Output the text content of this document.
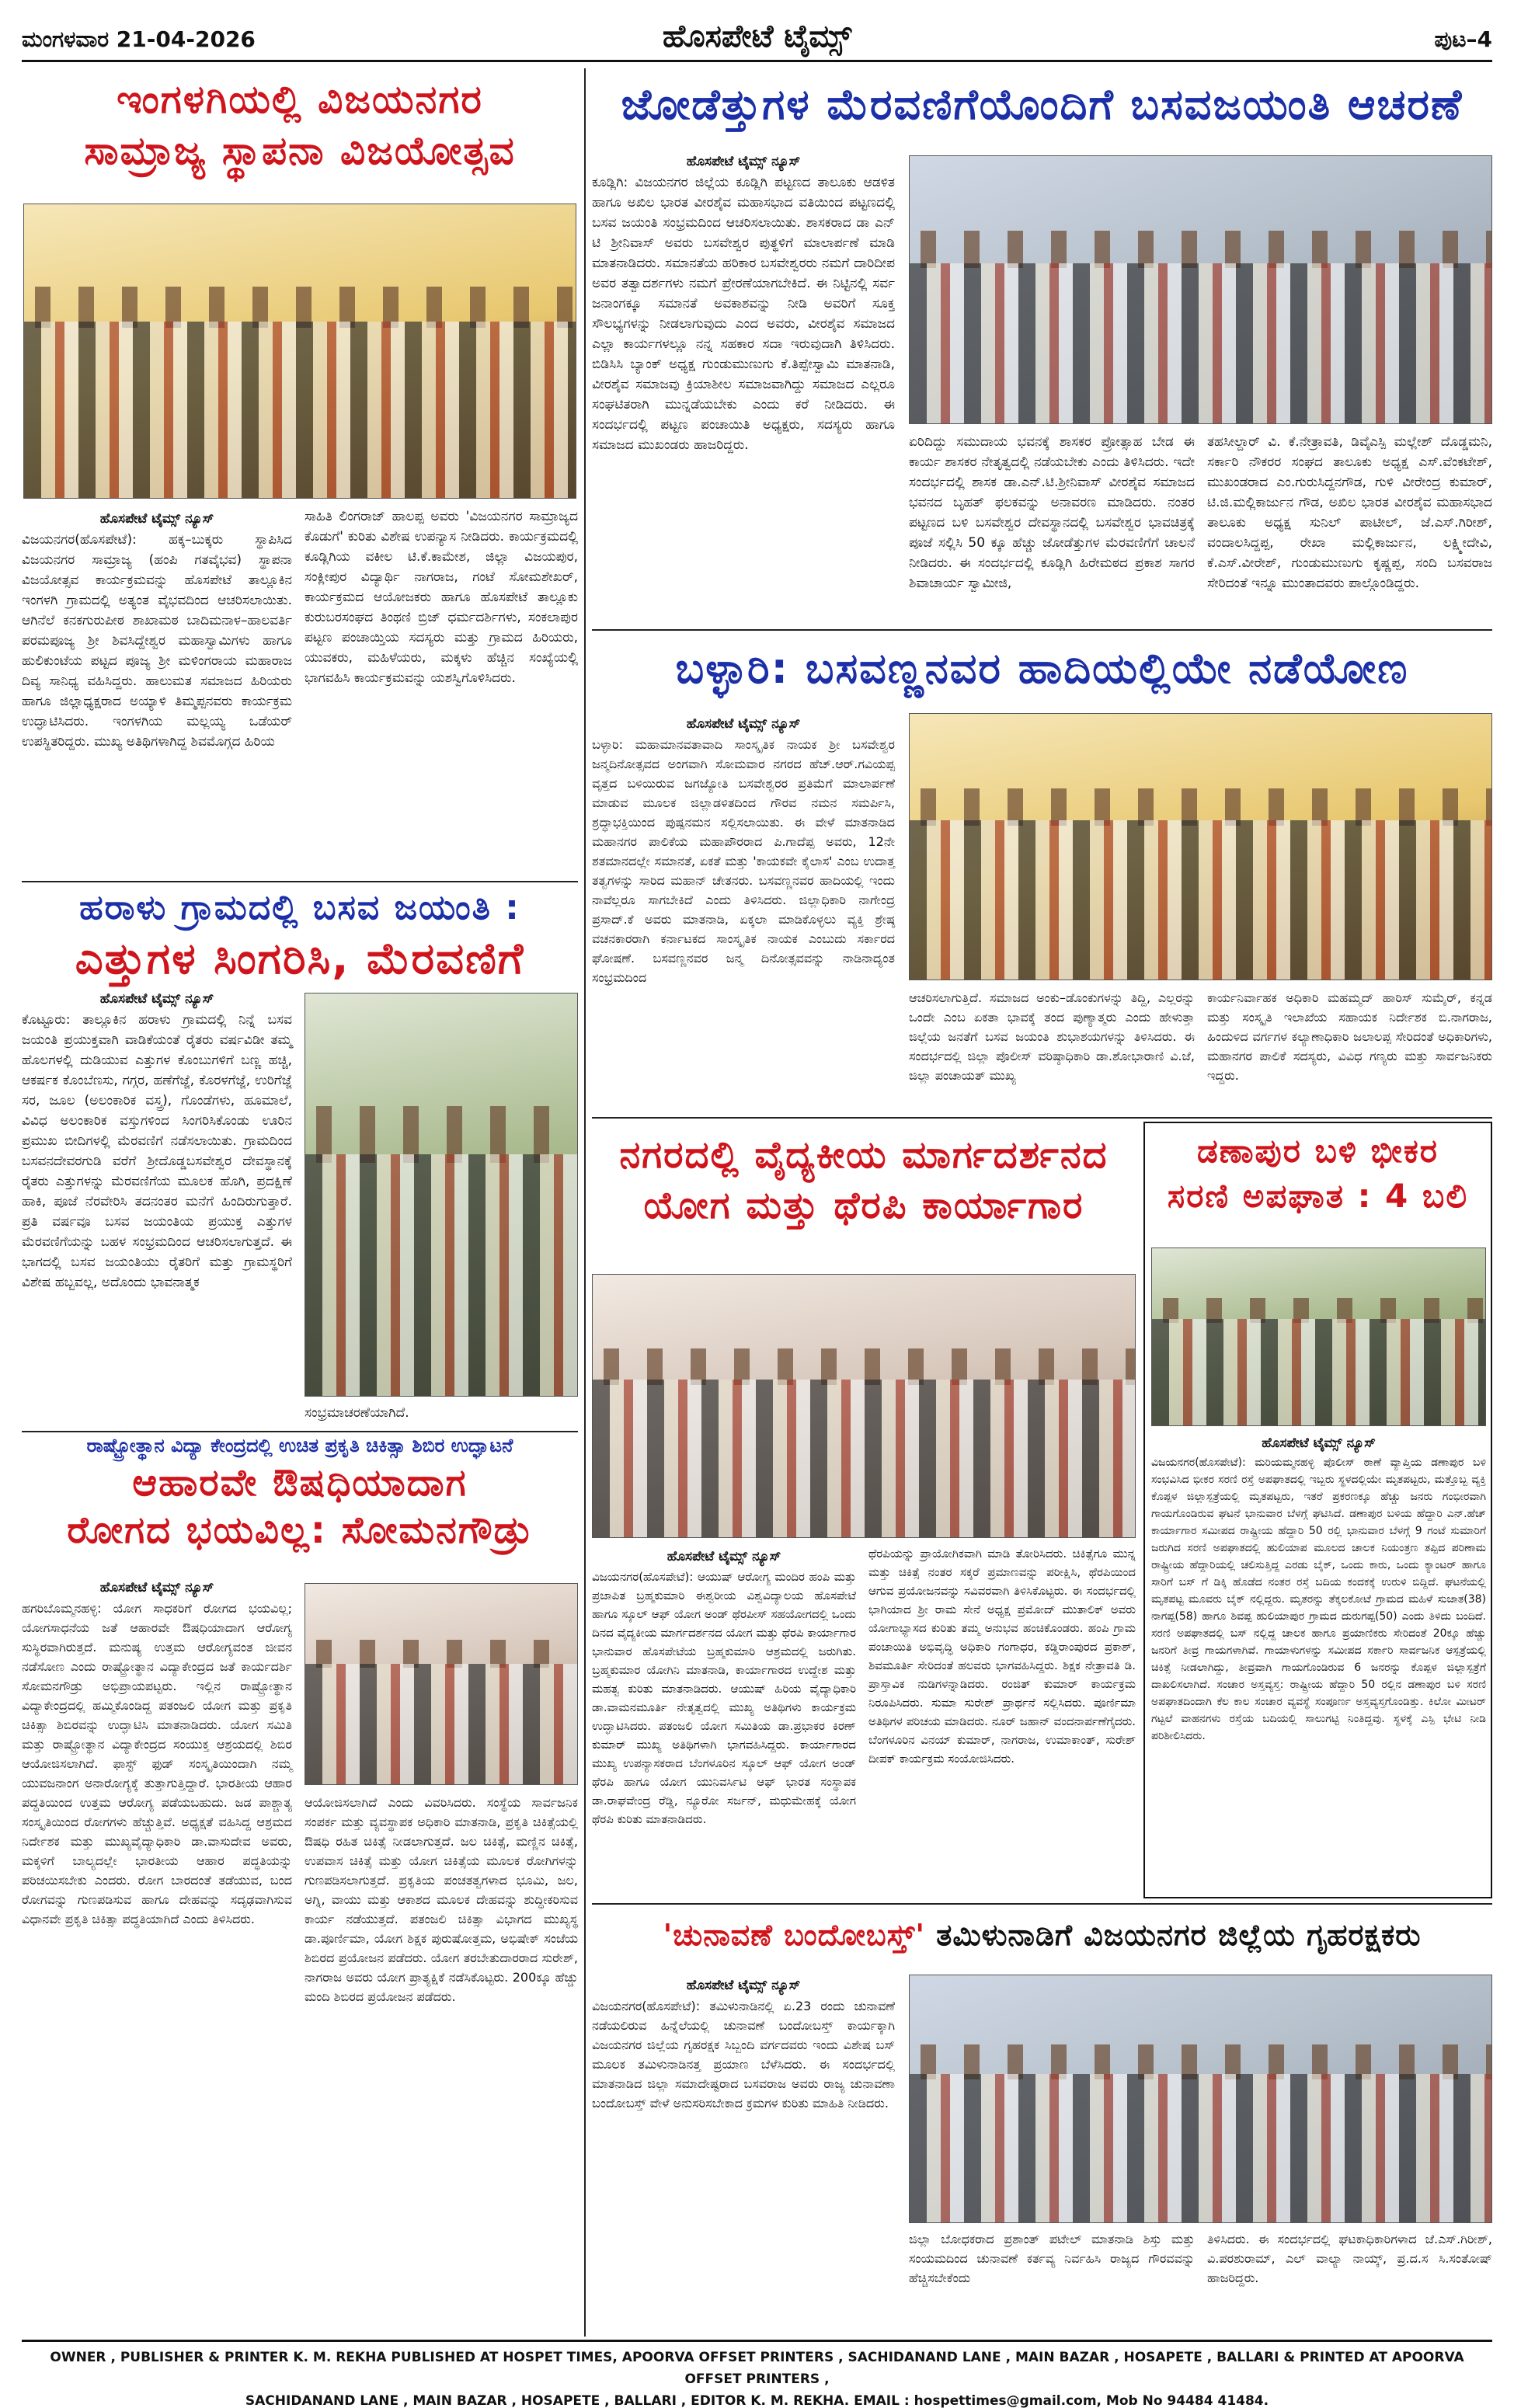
ಮಂಗಳವಾರ 21-04-2026	ಹೊಸಪೇಟೆ ಟೈಮ್ಸ್	ಪುಟ–4
ಇಂಗಳಗಿಯಲ್ಲಿ ವಿಜಯನಗರ
ಸಾಮ್ರಾಜ್ಯ ಸ್ಥಾಪನಾ ವಿಜಯೋತ್ಸವ
ಹೊಸಪೇಟೆ ಟೈಮ್ಸ್ ನ್ಯೂಸ್
ವಿಜಯನಗರ(ಹೊಸಪೇಟೆ): ಹಕ್ಕ–ಬುಕ್ಕರು ಸ್ಥಾಪಿಸಿದ ವಿಜಯನಗರ ಸಾಮ್ರಾಜ್ಯ (ಹಂಪಿ ಗತವೈಭವ) ಸ್ಥಾಪನಾ ವಿಜಯೋತ್ಸವ ಕಾರ್ಯಕ್ರಮವನ್ನು ಹೊಸಪೇಟೆ ತಾಲ್ಲೂಕಿನ ಇಂಗಳಗಿ ಗ್ರಾಮದಲ್ಲಿ ಅತ್ಯಂತ ವೈಭವದಿಂದ ಆಚರಿಸಲಾಯಿತು. ಆಗಿನೆಲೆ ಕನಕಗುರುಪೀಠ ಶಾಖಾಮಠ ಬಾದಿಮನಾಳ–ಹಾಲವರ್ತಿ ಪರಮಪೂಜ್ಯ ಶ್ರೀ ಶಿವಸಿದ್ದೇಶ್ವರ ಮಹಾಸ್ವಾಮಿಗಳು ಹಾಗೂ ಹುಲಿಕುಂಟೆಯ ಪಟ್ಟದ ಪೂಜ್ಯ ಶ್ರೀ ಮಳಿಂಗರಾಯ ಮಹಾರಾಜ ದಿವ್ಯ ಸಾನಿಧ್ಯ ವಹಿಸಿದ್ದರು. ಹಾಲುಮತ ಸಮಾಜದ ಹಿರಿಯರು ಹಾಗೂ ಜಿಲ್ಲಾಧ್ಯಕ್ಷರಾದ ಅಯ್ಯಾಳಿ ತಿಮ್ಮಪ್ಪನವರು ಕಾರ್ಯಕ್ರಮ ಉದ್ಘಾಟಿಸಿದರು. ಇಂಗಳಗಿಯ ಮಲ್ಲಯ್ಯ ಒಡೆಯರ್ ಉಪಸ್ಥಿತರಿದ್ದರು. ಮುಖ್ಯ ಅತಿಥಿಗಳಾಗಿದ್ದ ಶಿವಮೊಗ್ಗದ ಹಿರಿಯ
ಸಾಹಿತಿ ಲಿಂಗರಾಜ್ ಹಾಲಪ್ಪ ಅವರು 'ವಿಜಯನಗರ ಸಾಮ್ರಾಜ್ಯದ ಕೊಡುಗೆ' ಕುರಿತು ವಿಶೇಷ ಉಪನ್ಯಾಸ ನೀಡಿದರು. ಕಾರ್ಯಕ್ರಮದಲ್ಲಿ ಕೂಡ್ಲಿಗಿಯ ವಕೀಲ ಟಿ.ಕೆ.ಕಾಮೇಶ, ಜಿಲ್ಲಾ ವಿಜಯಪುರ, ಸಂಕ್ಲೀಪುರ ವಿದ್ಯಾರ್ಥಿ ನಾಗರಾಜ, ಗಂಟೆ ಸೋಮಶೇಖರ್, ಕಾರ್ಯಕ್ರಮದ ಆಯೋಜಕರು ಹಾಗೂ ಹೊಸಪೇಟೆ ತಾಲ್ಲೂಕು ಕುರುಬರಸಂಘದ ತಿಂಥಣಿ ಬ್ರಿಜ್ ಧರ್ಮದರ್ಶಿಗಳು, ಸಂಕಲಾಪುರ ಪಟ್ಟಣ ಪಂಚಾಯ್ತಿಯ ಸದಸ್ಯರು ಮತ್ತು ಗ್ರಾಮದ ಹಿರಿಯರು, ಯುವಕರು, ಮಹಿಳೆಯರು, ಮಕ್ಕಳು ಹೆಚ್ಚಿನ ಸಂಖ್ಯೆಯಲ್ಲಿ ಭಾಗವಹಿಸಿ ಕಾರ್ಯಕ್ರಮವನ್ನು ಯಶಸ್ವಿಗೊಳಿಸಿದರು.
ಹರಾಳು ಗ್ರಾಮದಲ್ಲಿ ಬಸವ ಜಯಂತಿ :
ಎತ್ತುಗಳ ಸಿಂಗರಿಸಿ, ಮೆರವಣಿಗೆ
ಹೊಸಪೇಟೆ ಟೈಮ್ಸ್ ನ್ಯೂಸ್
ಕೊಟ್ಟೂರು: ತಾಲ್ಲೂಕಿನ ಹರಾಳು ಗ್ರಾಮದಲ್ಲಿ ನಿನ್ನೆ ಬಸವ ಜಯಂತಿ ಪ್ರಯುಕ್ತವಾಗಿ ವಾಡಿಕೆಯಂತೆ ರೈತರು ವರ್ಷವಿಡೀ ತಮ್ಮ ಹೊಲಗಳಲ್ಲಿ ದುಡಿಯುವ ಎತ್ತುಗಳ ಕೊಂಬುಗಳಿಗೆ ಬಣ್ಣ ಹಚ್ಚಿ, ಆಕರ್ಷಕ ಕೊಂಬೆಣಸು, ಗಗ್ಗರ, ಹಣೆಗೆಜ್ಜೆ, ಕೊರಳಗೆಜ್ಜೆ, ಉರಿಗೆಜ್ಜೆ ಸರ, ಜೂಲ (ಅಲಂಕಾರಿಕ ವಸ್ತ್ರ), ಗೊಂಡೆಗಳು, ಹೂಮಾಲೆ, ವಿವಿಧ ಅಲಂಕಾರಿಕ ವಸ್ತುಗಳಿಂದ ಸಿಂಗರಿಸಿಕೊಂಡು ಊರಿನ ಪ್ರಮುಖ ಬೀದಿಗಳಲ್ಲಿ ಮೆರವಣಿಗೆ ನಡೆಸಲಾಯಿತು. ಗ್ರಾಮದಿಂದ ಬಸವನದೇವರಗುಡಿ ವರೆಗೆ ಶ್ರೀದೊಡ್ಡಬಸವೇಶ್ವರ ದೇವಸ್ಥಾನಕ್ಕೆ ರೈತರು ಎತ್ತುಗಳನ್ನು ಮೆರವಣಿಗೆಯ ಮೂಲಕ ಹೊಗಿ, ಪ್ರದಕ್ಷಿಣೆ ಹಾಕಿ, ಪೂಜೆ ನೆರವೇರಿಸಿ ತದನಂತರ ಮನೆಗೆ ಹಿಂದಿರುಗುತ್ತಾರೆ. ಪ್ರತಿ ವರ್ಷವೂ ಬಸವ ಜಯಂತಿಯ ಪ್ರಯುಕ್ತ ಎತ್ತುಗಳ ಮೆರವಣಿಗೆಯನ್ನು ಬಹಳ ಸಂಭ್ರಮದಿಂದ ಆಚರಿಸಲಾಗುತ್ತದೆ. ಈ ಭಾಗದಲ್ಲಿ ಬಸವ ಜಯಂತಿಯು ರೈತರಿಗೆ ಮತ್ತು ಗ್ರಾಮಸ್ಥರಿಗೆ ವಿಶೇಷ ಹಬ್ಬವಲ್ಲ, ಅದೊಂದು ಭಾವನಾತ್ಮಕ
ಸಂಭ್ರಮಾಚರಣೆಯಾಗಿದೆ.
ರಾಷ್ಟ್ರೋತ್ಥಾನ ವಿದ್ಯಾ ಕೇಂದ್ರದಲ್ಲಿ ಉಚಿತ ಪ್ರಕೃತಿ ಚಿಕಿತ್ಸಾ ಶಿಬಿರ ಉದ್ಘಾಟನೆ
ಆಹಾರವೇ ಔಷಧಿಯಾದಾಗ
ರೋಗದ ಭಯವಿಲ್ಲ: ಸೋಮನಗೌಡ್ರು
ಹೊಸಪೇಟೆ ಟೈಮ್ಸ್ ನ್ಯೂಸ್
ಹಗರಿಬೊಮ್ಮನಹಳ್ಳಿ: ಯೋಗ ಸಾಧಕರಿಗೆ ರೋಗದ ಭಯವಿಲ್ಲ; ಯೋಗಸಾಧನೆಯ ಜತೆ ಆಹಾರವೇ ಔಷಧಿಯಾದಾಗ ಆರೋಗ್ಯ ಸುಸ್ಥಿರವಾಗಿರುತ್ತದೆ. ಮನುಷ್ಯ ಉತ್ತಮ ಆರೋಗ್ಯವಂತ ಜೀವನ ನಡೆಸೋಣ ಎಂದು ರಾಷ್ಟ್ರೋತ್ಥಾನ ವಿದ್ಯಾಕೇಂದ್ರದ ಜತೆ ಕಾರ್ಯದರ್ಶಿ ಸೋಮನಗೌಡ್ರು ಅಭಿಪ್ರಾಯಪಟ್ಟರು. ಇಲ್ಲಿನ ರಾಷ್ಟ್ರೋತ್ಥಾನ ವಿದ್ಯಾಕೇಂದ್ರದಲ್ಲಿ ಹಮ್ಮಿಕೊಂಡಿದ್ದ ಪತಂಜಲಿ ಯೋಗ ಮತ್ತು ಪ್ರಕೃತಿ ಚಿಕಿತ್ಸಾ ಶಿಬಿರವನ್ನು ಉದ್ಘಾಟಿಸಿ ಮಾತನಾಡಿದರು. ಯೋಗ ಸಮಿತಿ ಮತ್ತು ರಾಷ್ಟ್ರೋತ್ಥಾನ ವಿದ್ಯಾಕೇಂದ್ರದ ಸಂಯುಕ್ತ ಆಶ್ರಯದಲ್ಲಿ ಶಿಬಿರ ಆಯೋಜಿಸಲಾಗಿದೆ. ಫಾಸ್ಟ್ ಫುಡ್ ಸಂಸ್ಕೃತಿಯಿಂದಾಗಿ ನಮ್ಮ ಯುವಜನಾಂಗ ಅನಾರೋಗ್ಯಕ್ಕೆ ತುತ್ತಾಗುತ್ತಿದ್ದಾರೆ. ಭಾರತೀಯ ಆಹಾರ ಪದ್ಧತಿಯಿಂದ ಉತ್ತಮ ಆರೋಗ್ಯ ಪಡೆಯಬಹುದು. ಜಡ ಪಾಶ್ಚಾತ್ಯ ಸಂಸ್ಕೃತಿಯಿಂದ ರೋಗಗಳು ಹೆಚ್ಚುತ್ತಿವೆ. ಅಧ್ಯಕ್ಷತೆ ವಹಿಸಿದ್ದ ಆಶ್ರಮದ ನಿರ್ದೇಶಕ ಮತ್ತು ಮುಖ್ಯವೈದ್ಯಾಧಿಕಾರಿ ಡಾ.ವಾಸುದೇವ ಅವರು, ಮಕ್ಕಳಿಗೆ ಬಾಲ್ಯದಲ್ಲೇ ಭಾರತೀಯ ಆಹಾರ ಪದ್ಧತಿಯನ್ನು ಪರಿಚಯಿಸಬೇಕು ಎಂದರು. ರೋಗ ಬಾರದಂತೆ ತಡೆಯುವ, ಬಂದ ರೋಗವನ್ನು ಗುಣಪಡಿಸುವ ಹಾಗೂ ದೇಹವನ್ನು ಸದೃಢವಾಗಿಸುವ ವಿಧಾನವೇ ಪ್ರಕೃತಿ ಚಿಕಿತ್ಸಾ ಪದ್ಧತಿಯಾಗಿದೆ ಎಂದು ತಿಳಿಸಿದರು.
ಆಯೋಜಿಸಲಾಗಿದೆ ಎಂದು ವಿವರಿಸಿದರು. ಸಂಸ್ಥೆಯ ಸಾರ್ವಜನಿಕ ಸಂಪರ್ಕ ಮತ್ತು ವ್ಯವಸ್ಥಾಪಕ ಅಧಿಕಾರಿ ಮಾತನಾಡಿ, ಪ್ರಕೃತಿ ಚಿಕಿತ್ಸೆಯಲ್ಲಿ ಔಷಧಿ ರಹಿತ ಚಿಕಿತ್ಸೆ ನೀಡಲಾಗುತ್ತದೆ. ಜಲ ಚಿಕಿತ್ಸೆ, ಮಣ್ಣಿನ ಚಿಕಿತ್ಸೆ, ಉಪವಾಸ ಚಿಕಿತ್ಸೆ ಮತ್ತು ಯೋಗ ಚಿಕಿತ್ಸೆಯ ಮೂಲಕ ರೋಗಿಗಳನ್ನು ಗುಣಪಡಿಸಲಾಗುತ್ತದೆ. ಪ್ರಕೃತಿಯ ಪಂಚತತ್ವಗಳಾದ ಭೂಮಿ, ಜಲ, ಅಗ್ನಿ, ವಾಯು ಮತ್ತು ಆಕಾಶದ ಮೂಲಕ ದೇಹವನ್ನು ಶುದ್ಧೀಕರಿಸುವ ಕಾರ್ಯ ನಡೆಯುತ್ತದೆ. ಪತಂಜಲಿ ಚಿಕಿತ್ಸಾ ವಿಭಾಗದ ಮುಖ್ಯಸ್ಥ ಡಾ.ಪೂರ್ಣಿಮಾ, ಯೋಗ ಶಿಕ್ಷಕ ಪುರುಷೋತ್ತಮ, ಅಭಿಷೇಕ್ ಸಂಜೆಯ ಶಿಬಿರದ ಪ್ರಯೋಜನ ಪಡೆದರು. ಯೋಗ ತರಬೇತುದಾರರಾದ ಸುರೇಶ್, ನಾಗರಾಜ ಅವರು ಯೋಗ ಪ್ರಾತ್ಯಕ್ಷಿಕೆ ನಡೆಸಿಕೊಟ್ಟರು. 200ಕ್ಕೂ ಹೆಚ್ಚು ಮಂದಿ ಶಿಬಿರದ ಪ್ರಯೋಜನ ಪಡೆದರು.
ಜೋಡೆತ್ತುಗಳ ಮೆರವಣಿಗೆಯೊಂದಿಗೆ ಬಸವಜಯಂತಿ ಆಚರಣೆ
ಹೊಸಪೇಟೆ ಟೈಮ್ಸ್ ನ್ಯೂಸ್
ಕೂಡ್ಲಿಗಿ: ವಿಜಯನಗರ ಜಿಲ್ಲೆಯ ಕೂಡ್ಲಿಗಿ ಪಟ್ಟಣದ ತಾಲೂಕು ಆಡಳಿತ ಹಾಗೂ ಅಖಿಲ ಭಾರತ ವೀರಶೈವ ಮಹಾಸಭಾದ ವತಿಯಿಂದ ಪಟ್ಟಣದಲ್ಲಿ ಬಸವ ಜಯಂತಿ ಸಂಭ್ರಮದಿಂದ ಆಚರಿಸಲಾಯಿತು. ಶಾಸಕರಾದ ಡಾ ಎನ್ ಟಿ ಶ್ರೀನಿವಾಸ್ ಅವರು ಬಸವೇಶ್ವರ ಪುತ್ಥಳಿಗೆ ಮಾಲಾರ್ಪಣೆ ಮಾಡಿ ಮಾತನಾಡಿದರು. ಸಮಾನತೆಯ ಹರಿಕಾರ ಬಸವೇಶ್ವರರು ನಮಗೆ ದಾರಿದೀಪ ಅವರ ತತ್ವಾದರ್ಶಗಳು ನಮಗೆ ಪ್ರೇರಣೆಯಾಗಬೇಕಿದೆ. ಈ ನಿಟ್ಟಿನಲ್ಲಿ ಸರ್ವ ಜನಾಂಗಕ್ಕೂ ಸಮಾನತೆ ಅವಕಾಶವನ್ನು ನೀಡಿ ಅವರಿಗೆ ಸೂಕ್ತ ಸೌಲಭ್ಯಗಳನ್ನು ನೀಡಲಾಗುವುದು ಎಂದ ಅವರು, ವೀರಶೈವ ಸಮಾಜದ ಎಲ್ಲಾ ಕಾರ್ಯಗಳಲ್ಲೂ ನನ್ನ ಸಹಕಾರ ಸದಾ ಇರುವುದಾಗಿ ತಿಳಿಸಿದರು. ಬಿಡಿಸಿಸಿ ಬ್ಯಾಂಕ್ ಅಧ್ಯಕ್ಷ ಗುಂಡುಮುಣುಗು ಕೆ.ತಿಪ್ಪೇಸ್ವಾಮಿ ಮಾತನಾಡಿ, ವೀರಶೈವ ಸಮಾಜವು ಕ್ರಿಯಾಶೀಲ ಸಮಾಜವಾಗಿದ್ದು ಸಮಾಜದ ಎಲ್ಲರೂ ಸಂಘಟಿತರಾಗಿ ಮುನ್ನಡೆಯಬೇಕು ಎಂದು ಕರೆ ನೀಡಿದರು. ಈ ಸಂದರ್ಭದಲ್ಲಿ ಪಟ್ಟಣ ಪಂಚಾಯಿತಿ ಅಧ್ಯಕ್ಷರು, ಸದಸ್ಯರು ಹಾಗೂ ಸಮಾಜದ ಮುಖಂಡರು ಹಾಜರಿದ್ದರು.	ಏರಿದಿದ್ದು ಸಮುದಾಯ ಭವನಕ್ಕೆ ಶಾಸಕರ ಪ್ರೋತ್ಸಾಹ ಬೇಡ ಈ ಕಾರ್ಯ ಶಾಸಕರ ನೇತೃತ್ವದಲ್ಲಿ ನಡೆಯಬೇಕು ಎಂದು ತಿಳಿಸಿದರು. ಇದೇ ಸಂದರ್ಭದಲ್ಲಿ ಶಾಸಕ ಡಾ.ಎನ್.ಟಿ.ಶ್ರೀನಿವಾಸ್ ವೀರಶೈವ ಸಮಾಜದ ಭವನದ ಬೃಹತ್ ಫಲಕವನ್ನು ಅನಾವರಣ ಮಾಡಿದರು. ನಂತರ ಪಟ್ಟಣದ ಬಳಿ ಬಸವೇಶ್ವರ ದೇವಸ್ಥಾನದಲ್ಲಿ ಬಸವೇಶ್ವರ ಭಾವಚಿತ್ರಕ್ಕೆ ಪೂಜೆ ಸಲ್ಲಿಸಿ 50 ಕ್ಕೂ ಹೆಚ್ಚು ಜೋಡೆತ್ತುಗಳ ಮೆರವಣಿಗೆಗೆ ಚಾಲನೆ ನೀಡಿದರು. ಈ ಸಂದರ್ಭದಲ್ಲಿ ಕೂಡ್ಲಿಗಿ ಹಿರೇಮಠದ ಪ್ರಕಾಶ ಸಾಗರ ಶಿವಾಚಾರ್ಯ ಸ್ವಾಮೀಜಿ,
ತಹಸೀಲ್ದಾರ್ ವಿ. ಕೆ.ನೇತ್ರಾವತಿ, ಡಿವೈಎಸ್ಪಿ ಮಲ್ಲೇಶ್ ದೊಡ್ಡಮನಿ, ಸರ್ಕಾರಿ ನೌಕರರ ಸಂಘದ ತಾಲೂಕು ಅಧ್ಯಕ್ಷ ಎಸ್.ವೆಂಕಟೇಶ್, ಮುಖಂಡರಾದ ಎಂ.ಗುರುಸಿದ್ದನಗೌಡ, ಗುಳಿ ವೀರೇಂದ್ರ ಕುಮಾರ್, ಟಿ.ಜಿ.ಮಲ್ಲಿಕಾರ್ಜುನ ಗೌಡ, ಅಖಿಲ ಭಾರತ ವೀರಶೈವ ಮಹಾಸಭಾದ ತಾಲೂಕು ಅಧ್ಯಕ್ಷ ಸುನಿಲ್ ಪಾಟೀಲ್, ಜೆ.ಎಸ್.ಗಿರೀಶ್, ವಂದಾಲಸಿದ್ದಪ್ಪ, ರೇಖಾ ಮಲ್ಲಿಕಾರ್ಜುನ, ಲಕ್ಷ್ಮೀದೇವಿ, ಕೆ.ಎಸ್.ವೀರೇಶ್, ಗುಂಡುಮುಣುಗು ಕೃಷ್ಣಪ್ಪ, ಸಂದಿ ಬಸವರಾಜ ಸೇರಿದಂತೆ ಇನ್ನೂ ಮುಂತಾದವರು ಪಾಲ್ಗೊಂಡಿದ್ದರು.
ಬಳ್ಳಾರಿ: ಬಸವಣ್ಣನವರ ಹಾದಿಯಲ್ಲಿಯೇ ನಡೆಯೋಣ
ಹೊಸಪೇಟೆ ಟೈಮ್ಸ್ ನ್ಯೂಸ್
ಬಳ್ಳಾರಿ: ಮಹಾಮಾನವತಾವಾದಿ ಸಾಂಸ್ಕೃತಿಕ ನಾಯಕ ಶ್ರೀ ಬಸವೇಶ್ವರ ಜನ್ಮದಿನೋತ್ಸವದ ಅಂಗವಾಗಿ ಸೋಮವಾರ ನಗರದ ಹೆಚ್.ಆರ್.ಗವಿಯಪ್ಪ ವೃತ್ತದ ಬಳಿಯಿರುವ ಜಗಜ್ಯೋತಿ ಬಸವೇಶ್ವರರ ಪ್ರತಿಮೆಗೆ ಮಾಲಾರ್ಪಣೆ ಮಾಡುವ ಮೂಲಕ ಜಿಲ್ಲಾಡಳಿತದಿಂದ ಗೌರವ ನಮನ ಸಮರ್ಪಿಸಿ, ಶ್ರದ್ಧಾಭಕ್ತಿಯಿಂದ ಪುಷ್ಪನಮನ ಸಲ್ಲಿಸಲಾಯಿತು. ಈ ವೇಳೆ ಮಾತನಾಡಿದ ಮಹಾನಗರ ಪಾಲಿಕೆಯ ಮಹಾಪೌರರಾದ ಪಿ.ಗಾದೆಪ್ಪ ಅವರು, 12ನೇ ಶತಮಾನದಲ್ಲೇ ಸಮಾನತೆ, ಏಕತೆ ಮತ್ತು 'ಕಾಯಕವೇ ಕೈಲಾಸ' ಎಂಬ ಉದಾತ್ತ ತತ್ವಗಳನ್ನು ಸಾರಿದ ಮಹಾನ್ ಚೇತನರು. ಬಸವಣ್ಣನವರ ಹಾದಿಯಲ್ಲಿ ಇಂದು ನಾವೆಲ್ಲರೂ ಸಾಗಬೇಕಿದೆ ಎಂದು ತಿಳಿಸಿದರು. ಜಿಲ್ಲಾಧಿಕಾರಿ ನಾಗೇಂದ್ರ ಪ್ರಸಾದ್.ಕೆ ಅವರು ಮಾತನಾಡಿ, ಏಕ್ಕಲಾ ಮಾಡಿಕೊಳ್ಳಲು ವ್ಯಕ್ತಿ ಶ್ರೇಷ್ಠ ವಚನಕಾರರಾಗಿ ಕರ್ನಾಟಕದ ಸಾಂಸ್ಕೃತಿಕ ನಾಯಕ ಎಂಬುದು ಸರ್ಕಾರದ ಘೋಷಣೆ. ಬಸವಣ್ಣನವರ ಜನ್ಮ ದಿನೋತ್ಸವವನ್ನು ನಾಡಿನಾದ್ಯಂತ ಸಂಭ್ರಮದಿಂದ
ಆಚರಿಸಲಾಗುತ್ತಿದೆ. ಸಮಾಜದ ಅಂಕು–ಡೊಂಕುಗಳನ್ನು ತಿದ್ದಿ, ಎಲ್ಲರನ್ನು ಒಂದೇ ಎಂಬ ಏಕತಾ ಭಾವಕ್ಕೆ ತಂದ ಪುಣ್ಯಾತ್ಮರು ಎಂದು ಹೇಳುತ್ತಾ ಜಿಲ್ಲೆಯ ಜನತೆಗೆ ಬಸವ ಜಯಂತಿ ಶುಭಾಶಯಗಳನ್ನು ತಿಳಿಸಿದರು. ಈ ಸಂದರ್ಭದಲ್ಲಿ ಜಿಲ್ಲಾ ಪೊಲೀಸ್ ವರಿಷ್ಠಾಧಿಕಾರಿ ಡಾ.ಶೋಭಾರಾಣಿ ವಿ.ಜೆ, ಜಿಲ್ಲಾ ಪಂಚಾಯತ್ ಮುಖ್ಯ
ಕಾರ್ಯನಿರ್ವಾಹಕ ಅಧಿಕಾರಿ ಮಹಮ್ಮದ್ ಹಾರಿಸ್ ಸುಮೈರ್, ಕನ್ನಡ ಮತ್ತು ಸಂಸ್ಕೃತಿ ಇಲಾಖೆಯ ಸಹಾಯಕ ನಿರ್ದೇಶಕ ಬಿ.ನಾಗರಾಜ, ಹಿಂದುಳಿದ ವರ್ಗಗಳ ಕಲ್ಯಾಣಾಧಿಕಾರಿ ಜಲಾಲಪ್ಪ ಸೇರಿದಂತೆ ಅಧಿಕಾರಿಗಳು, ಮಹಾನಗರ ಪಾಲಿಕೆ ಸದಸ್ಯರು, ವಿವಿಧ ಗಣ್ಯರು ಮತ್ತು ಸಾರ್ವಜನಿಕರು ಇದ್ದರು.
ನಗರದಲ್ಲಿ ವೈದ್ಯಕೀಯ ಮಾರ್ಗದರ್ಶನದ
ಯೋಗ ಮತ್ತು ಥೆರಪಿ ಕಾರ್ಯಾಗಾರ
ಹೊಸಪೇಟೆ ಟೈಮ್ಸ್ ನ್ಯೂಸ್
ವಿಜಯನಗರ(ಹೊಸಪೇಟೆ): ಆಯುಷ್ ಆರೋಗ್ಯ ಮಂದಿರ ಹಂಪಿ ಮತ್ತು ಪ್ರಜಾಪಿತ ಬ್ರಹ್ಮಕುಮಾರಿ ಈಶ್ವರೀಯ ವಿಶ್ವವಿದ್ಯಾಲಯ ಹೊಸಪೇಟೆ ಹಾಗೂ ಸ್ಕೂಲ್ ಆಫ್ ಯೋಗ ಅಂಡ್ ಥೆರಪೀಸ್ ಸಹಯೋಗದಲ್ಲಿ ಒಂದು ದಿನದ ವೈದ್ಯಕೀಯ ಮಾರ್ಗದರ್ಶನದ ಯೋಗ ಮತ್ತು ಥೆರಪಿ ಕಾರ್ಯಾಗಾರ ಭಾನುವಾರ ಹೊಸಪೇಟೆಯ ಬ್ರಹ್ಮಕುಮಾರಿ ಆಶ್ರಮದಲ್ಲಿ ಜರುಗಿತು. ಬ್ರಹ್ಮಕುಮಾರ ಯೋಗಿನಿ ಮಾತನಾಡಿ, ಕಾರ್ಯಾಗಾರದ ಉದ್ದೇಶ ಮತ್ತು ಮಹತ್ವ ಕುರಿತು ಮಾತನಾಡಿದರು. ಆಯುಷ್ ಹಿರಿಯ ವೈದ್ಯಾಧಿಕಾರಿ ಡಾ.ವಾಮನಮೂರ್ತಿ ನೇತೃತ್ವದಲ್ಲಿ ಮುಖ್ಯ ಅತಿಥಿಗಳು ಕಾರ್ಯಕ್ರಮ ಉದ್ಘಾಟಿಸಿದರು. ಪತಂಜಲಿ ಯೋಗ ಸಮಿತಿಯ ಡಾ.ಪ್ರಭಾಕರ ಕಿರಣ್ ಕುಮಾರ್ ಮುಖ್ಯ ಅತಿಥಿಗಳಾಗಿ ಭಾಗವಹಿಸಿದ್ದರು. ಕಾರ್ಯಾಗಾರದ ಮುಖ್ಯ ಉಪನ್ಯಾಸಕರಾದ ಬೆಂಗಳೂರಿನ ಸ್ಕೂಲ್ ಆಫ್ ಯೋಗ ಅಂಡ್ ಥೆರಪಿ ಹಾಗೂ ಯೋಗ ಯುನಿವರ್ಸಿಟಿ ಆಫ್ ಭಾರತ ಸಂಸ್ಥಾಪಕ ಡಾ.ರಾಘವೇಂದ್ರ ರೆಡ್ಡಿ, ನ್ಯೂರೋ ಸರ್ಜನ್, ಮಧುಮೇಹಕ್ಕೆ ಯೋಗ ಥೆರಪಿ ಕುರಿತು ಮಾತನಾಡಿದರು.
ಥೆರಪಿಯನ್ನು ಪ್ರಾಯೋಗಿಕವಾಗಿ ಮಾಡಿ ತೋರಿಸಿದರು. ಚಿಕಿತ್ಸೆಗೂ ಮುನ್ನ ಮತ್ತು ಚಿಕಿತ್ಸೆ ನಂತರ ಸಕ್ಕರೆ ಪ್ರಮಾಣವನ್ನು ಪರೀಕ್ಷಿಸಿ, ಥೆರಪಿಯಿಂದ ಆಗುವ ಪ್ರಯೋಜನವನ್ನು ಸವಿವರವಾಗಿ ತಿಳಿಸಿಕೊಟ್ಟರು. ಈ ಸಂದರ್ಭದಲ್ಲಿ ಭಾಗಿಯಾದ ಶ್ರೀ ರಾಮ ಸೇನೆ ಅಧ್ಯಕ್ಷ ಪ್ರಮೋದ್ ಮುತಾಲಿಕ್ ಅವರು ಯೋಗಾಭ್ಯಾಸದ ಕುರಿತು ತಮ್ಮ ಅನುಭವ ಹಂಚಿಕೊಂಡರು. ಹಂಪಿ ಗ್ರಾಮ ಪಂಚಾಯಿತಿ ಅಭಿವೃದ್ಧಿ ಅಧಿಕಾರಿ ಗಂಗಾಧರ, ಕಡ್ಡಿರಾಂಪುರದ ಪ್ರಕಾಶ್, ಶಿವಮೂರ್ತಿ ಸೇರಿದಂತೆ ಹಲವರು ಭಾಗವಹಿಸಿದ್ದರು. ಶಿಕ್ಷಕ ನೇತ್ರಾವತಿ ಡಿ. ಪ್ರಾಸ್ತಾವಿಕ ನುಡಿಗಳನ್ನಾಡಿದರು. ರಂಜಿತ್ ಕುಮಾರ್ ಕಾರ್ಯಕ್ರಮ ನಿರೂಪಿಸಿದರು. ಸುಮಾ ಸುರೇಶ್ ಪ್ರಾರ್ಥನೆ ಸಲ್ಲಿಸಿದರು. ಪೂರ್ಣಿಮಾ ಅತಿಥಿಗಳ ಪರಿಚಯ ಮಾಡಿದರು. ನೂರ್ ಜಹಾನ್ ವಂದನಾರ್ಪಣೆಗೈದರು. ಬೆಂಗಳೂರಿನ ವಿನಯ್ ಕುಮಾರ್, ನಾಗರಾಜ, ಉಮಾಕಾಂತ್, ಸುರೇಶ್ ದೀಪಕ್ ಕಾರ್ಯಕ್ರಮ ಸಂಯೋಜಿಸಿದರು.
ಡಣಾಪುರ ಬಳಿ ಭೀಕರ
ಸರಣಿ ಅಪಘಾತ : 4 ಬಲಿ
ಹೊಸಪೇಟೆ ಟೈಮ್ಸ್ ನ್ಯೂಸ್
ವಿಜಯನಗರ(ಹೊಸಪೇಟೆ): ಮರಿಯಮ್ಮನಹಳ್ಳಿ ಪೊಲೀಸ್ ಠಾಣೆ ವ್ಯಾಪ್ತಿಯ ಡಣಾಪುರ ಬಳಿ ಸಂಭವಿಸಿದ ಭೀಕರ ಸರಣಿ ರಸ್ತೆ ಅಪಘಾತದಲ್ಲಿ ಇಬ್ಬರು ಸ್ಥಳದಲ್ಲಿಯೇ ಮೃತಪಟ್ಟರು, ಮತ್ತೊಬ್ಬ ವ್ಯಕ್ತಿ ಕೊಪ್ಪಳ ಜಿಲ್ಲಾಸ್ಪತ್ರೆಯಲ್ಲಿ ಮೃತಪಟ್ಟರು, ಇತರೆ ಪ್ರಕರಣಕ್ಕೂ ಹೆಚ್ಚು ಜನರು ಗಂಭೀರವಾಗಿ ಗಾಯಗೊಂಡಿರುವ ಘಟನೆ ಭಾನುವಾರ ಬೆಳಗ್ಗೆ ಘಟಿಸಿದೆ. ಡಣಾಪುರ ಬಳಿಯ ಹೆದ್ದಾರಿ ಎನ್.ಹೆಚ್ ಕಾರ್ಯಾಗಾರ ಸಮೀಪದ ರಾಷ್ಟ್ರೀಯ ಹೆದ್ದಾರಿ 50 ರಲ್ಲಿ ಭಾನುವಾರ ಬೆಳಗ್ಗೆ 9 ಗಂಟೆ ಸುಮಾರಿಗೆ ಜರುಗಿದ ಸರಣಿ ಅಪಘಾತದಲ್ಲಿ ಹುಲಿಯಾಪ ಮೂಲದ ಚಾಲಕ ನಿಯಂತ್ರಣ ತಪ್ಪಿದ ಪರಿಣಾಮ ರಾಷ್ಟ್ರೀಯ ಹೆದ್ದಾರಿಯಲ್ಲಿ ಚಲಿಸುತ್ತಿದ್ದ ಎರಡು ಬೈಕ್, ಒಂದು ಕಾರು, ಒಂದು ಕ್ಯಾಂಟರ್ ಹಾಗೂ ಸಾರಿಗೆ ಬಸ್ ಗೆ ಡಿಕ್ಕಿ ಹೊಡೆದ ನಂತರ ರಸ್ತೆ ಬದಿಯ ಕಂದಕಕ್ಕೆ ಉರುಳಿ ಬಿದ್ದಿದೆ. ಘಟನೆಯಲ್ಲಿ ಮೃತಪಟ್ಟ ಮೂವರು ಬೈಕ್ ನಲ್ಲಿದ್ದರು. ಮೃತರನ್ನು ತೆಕ್ಕಲಕೋಟೆ ಗ್ರಾಮದ ಮಹಿಳೆ ಸುಜಾತ(38) ನಾಗಪ್ಪ(58) ಹಾಗೂ ಶಿವಪ್ಪ ಹುಲಿಯಾಪುರ ಗ್ರಾಮದ ದುರುಗಪ್ಪ(50) ಎಂದು ತಿಳಿದು ಬಂದಿದೆ. ಸರಣಿ ಅಪಘಾತದಲ್ಲಿ ಬಸ್ ನಲ್ಲಿದ್ದ ಚಾಲಕ ಹಾಗೂ ಪ್ರಯಾಣಿಕರು ಸೇರಿದಂತೆ 20ಕ್ಕೂ ಹೆಚ್ಚು ಜನರಿಗೆ ತೀವ್ರ ಗಾಯಗಳಾಗಿವೆ. ಗಾಯಾಳುಗಳನ್ನು ಸಮೀಪದ ಸರ್ಕಾರಿ ಸಾರ್ವಜನಿಕ ಆಸ್ಪತ್ರೆಯಲ್ಲಿ ಚಿಕಿತ್ಸೆ ನೀಡಲಾಗಿದ್ದು, ತೀವ್ರವಾಗಿ ಗಾಯಗೊಂಡಿರುವ 6 ಜನರನ್ನು ಕೊಪ್ಪಳ ಜಿಲ್ಲಾಸ್ಪತ್ರೆಗೆ ದಾಖಲಿಸಲಾಗಿದೆ. ಸಂಚಾರ ಅಸ್ತವ್ಯಸ್ತ: ರಾಷ್ಟ್ರೀಯ ಹೆದ್ದಾರಿ 50 ರಲ್ಲಿನ ಡಣಾಪುರ ಬಳಿ ಸರಣಿ ಅಪಘಾತದಿಂದಾಗಿ ಕೆಲ ಕಾಲ ಸಂಚಾರ ವ್ಯವಸ್ಥೆ ಸಂಪೂರ್ಣ ಅಸ್ತವ್ಯಸ್ತಗೊಂಡಿತ್ತು. ಕಿಲೋ ಮೀಟರ್ ಗಟ್ಟಲೆ ವಾಹನಗಳು ರಸ್ತೆಯ ಬದಿಯಲ್ಲಿ ಸಾಲುಗಟ್ಟಿ ನಿಂತಿದ್ದವು. ಸ್ಥಳಕ್ಕೆ ಎಸ್ಪಿ ಭೇಟಿ ನೀಡಿ ಪರಿಶೀಲಿಸಿದರು.
'ಚುನಾವಣೆ ಬಂದೋಬಸ್ತ್' ತಮಿಳುನಾಡಿಗೆ ವಿಜಯನಗರ ಜಿಲ್ಲೆಯ ಗೃಹರಕ್ಷಕರು
ಹೊಸಪೇಟೆ ಟೈಮ್ಸ್ ನ್ಯೂಸ್
ವಿಜಯನಗರ(ಹೊಸಪೇಟೆ): ತಮಿಳುನಾಡಿನಲ್ಲಿ ಏ.23 ರಂದು ಚುನಾವಣೆ ನಡೆಯಲಿರುವ ಹಿನ್ನೆಲೆಯಲ್ಲಿ ಚುನಾವಣೆ ಬಂದೋಬಸ್ತ್ ಕಾರ್ಯಕ್ಕಾಗಿ ವಿಜಯನಗರ ಜಿಲ್ಲೆಯ ಗೃಹರಕ್ಷಕ ಸಿಬ್ಬಂದಿ ವರ್ಗದವರು ಇಂದು ವಿಶೇಷ ಬಸ್ ಮೂಲಕ ತಮಿಳುನಾಡಿನತ್ತ ಪ್ರಯಾಣ ಬೆಳೆಸಿದರು. ಈ ಸಂದರ್ಭದಲ್ಲಿ ಮಾತನಾಡಿದ ಜಿಲ್ಲಾ ಸಮಾದೇಷ್ಟರಾದ ಬಸವರಾಜ ಅವರು ರಾಜ್ಯ ಚುನಾವಣಾ ಬಂದೋಬಸ್ತ್ ವೇಳೆ ಅನುಸರಿಸಬೇಕಾದ ಕ್ರಮಗಳ ಕುರಿತು ಮಾಹಿತಿ ನೀಡಿದರು.
ಜಿಲ್ಲಾ ಬೋಧಕರಾದ ಪ್ರಶಾಂತ್ ಪಟೇಲ್ ಮಾತನಾಡಿ ಶಿಸ್ತು ಮತ್ತು ಸಂಯಮದಿಂದ ಚುನಾವಣೆ ಕರ್ತವ್ಯ ನಿರ್ವಹಿಸಿ ರಾಜ್ಯದ ಗೌರವವನ್ನು ಹೆಚ್ಚಿಸಬೇಕೆಂದು
ತಿಳಿಸಿದರು. ಈ ಸಂದರ್ಭದಲ್ಲಿ ಘಟಕಾಧಿಕಾರಿಗಳಾದ ಜೆ.ಎಸ್.ಗಿರೀಶ್, ವಿ.ಪರಶುರಾಮ್, ಎಲ್ ವಾಲ್ಯಾ ನಾಯ್ಕ್, ಪ್ರ.ದ.ಸ ಸಿ.ಸಂತೋಷ್ ಹಾಜರಿದ್ದರು.
OWNER , PUBLISHER & PRINTER K. M. REKHA PUBLISHED AT HOSPET TIMES, APOORVA OFFSET PRINTERS , SACHIDANAND LANE , MAIN BAZAR , HOSAPETE , BALLARI & PRINTED AT APOORVA OFFSET PRINTERS ,
SACHIDANAND LANE , MAIN BAZAR , HOSAPETE , BALLARI , EDITOR K. M. REKHA. EMAIL : hospettimes@gmail.com, Mob No 94484 41484.
